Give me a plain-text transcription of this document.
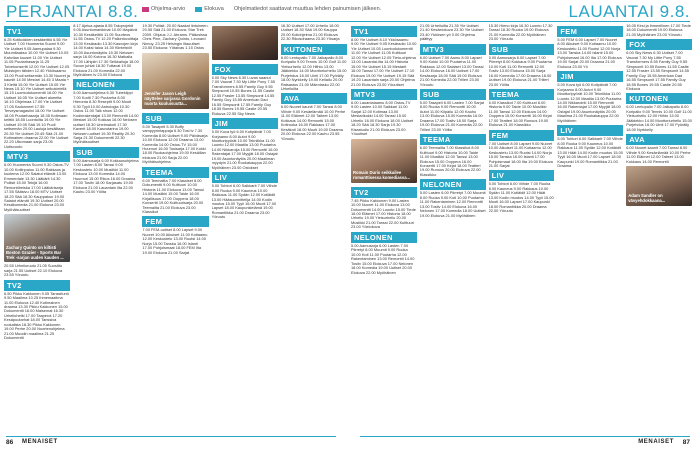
PERJANTAI 8.8. Ohjelma-arvio	Elokuva Ohjelmatiedot saattavat muuttua lehden painumisen jälkeen.	LAUANTAI 9.8.
TV1
6.25 Kotikokkien kesäkeittiö 6.55 Yle Uutiset 7.00 Huomenta Suomi 9.00 Yle Uutiset 9.05 Aamupalaa 9.30 Muumilaakso 10.00 Yle Uutiset 10.05 Kahvilan kuuset 11.00 Yle Uutiset 11.05 Puutarhasarja 11.25 Toivekonsertti 12.00 Yle Uutiset 12.05 Muistojen tähden 12.40 Ykkösaamu 13.00 Puoli seitsemän 13.30 Nuoret ja kauniit 14.00 Mestari 14.45 3 Maata + 3 Kieltä 15.00 Yle Uutiset 15.05 Yle News 15.10 Yle Uutiset selkokielellä 15.15 Luontodokumentti 16.00 Yle Uutiset 16.05 Yle Uutiset alueelta 16.10 Ohjelmaa 17.00 Yle Uutiset 17.05 Kadonneet 17.55 Terveysmagasiini 18.00 Yle Uutiset 18.05 Puutarhasarja 18.35 Kotimaan keittiö 18.55 Luontoilta 19.00 Yle Uutiset 19.05 Sää 19.10 Puoli seitsemän 20.00 Lauluja kesäiltaan 20.30 Yle Uutiset 20.45 Sää 21.00 Kotimainen draama 22.00 Yle Uutiset 22.20 Ulkomaan sarja 23.05 Uutisvuoto
MTV3
6.00 Huomenta Suomi 9.30 Ostos-TV 10.00 Kotiinpaluu 11.00 Rakkaus ja kuolema 12.00 Salatut elämät 13.00 Emmerdale 13.30 Lääkärit 14.30 Poliisit 15.00 Tekijä 16.00 Remonttireiska 17.00 Lääkärisarja 17.55 Sääsivu 18.00 MTV Uutiset 18.20 Sää 18.30 Kauppakuu 19.00 Salatut elämät 19.30 Uutiset 20.00 Kesäkomedia 21.00 Elokuva 23.00 Myöhäisuutiset
Zachary Quinto on kiltisti Boston Grazier - Sports Bar Trek -sarjan uuden kauden ...
20.55 Urheiluruutu 21.05 Suosittu sarja 21.55 Uutiset 22.10 Elokuva 23.55 Yöruutu
TV2
6.50 Pikku Kakkonen 9.05 Tanssitunti 9.50 Maailma 10.25 Ihmemaailma 11.00 Elokuva 12.40 Kotimainen draama 13.30 Pikku Kakkonen 15.00 Dokumentti 16.00 Maisemat 16.30 Urheiluhetki 17.00 Taaperot 17.20 Kesäpuutarhat 18.00 Tanssiva ruokalista 18.30 Pikku Kakkonen 19.00 Perhe 20.00 Nuortenohjelma 21.00 Muodin maailma 21.25 Dokumentti
8.17 Ajelua ajasta 8.55 Taloprojekti 9.05 Asuntomarkkinat 10.00 Iltapäivä 10.30 Kesäkeittiö 11.05 Suurteos 11.55 Ostos-TV 12.20 Palkintovoittaja 13.00 Kesäradio 13.30 Kasvojen kirja 14.00 Kaksi taloa 14.30 Kiinteistöt 15.00 Asuntonäytös 15.30 Nelosen sarja 16.00 Kotona 16.30 Matkalla 17.00 Lähipiiri 17.30 Seikkailuja 18.00 Suvun juhlat 18.30 Tuttavat 19.00 Elokuva 21.00 Komedia 22.00 Myöhäinen tv 23.00 Elokuva
NELONEN
5.00 Aamuohjelma 6.30 Tubeklippi 7.00 Kodit 7.30 Puutarha 8.00 Hieronta 8.30 Reseptit 9.00 Muoti 9.30 Tyyli 10.00 Astrologia 10.30 Ostos 11.00 Talk show 12.00 Kodinrakentajat 13.00 Remontti 14.00 Mestari 15.00 Kokkaa 16.00 Nelosen uutiset 16.30 Unelmakoti 17.30 Kaverit 18.00 Kasvutarina 19.00 Nelosen uutiset 19.30 Reality 20.30 Sarja 21.30 Dokumentti 22.30 Myöhäisuutiset
SUB
5.00 Aamusarja 6.00 Kokkausohjelma 7.00 Lasten 8.00 Tanssi 9.00 Keskustelu 10.00 Musiikki 11.00 Elokuva 13.00 Komedia 14.00 Huumori 15.00 Rikos 16.00 Draama 17.00 Tositv 18.00 Sarjasatu 19.00 Elokuva 21.00 Lauantain ilta 22.00 Kauhu 23.00 Yöilta
19.30 Poliisit. 20.00 Naakat lintuineen. 20.55 Sää 21.00 Elokuva: Star Trek 2009. Ohjaus J.J. Abrams. Pääosissa Chris Pine, Zachary Quinto, Leonard Nimoy. 23.25 Helsingin iltauutiset 23.50 Elokuva: Yötaivas 1.15 Ostos
Jennifer Jason Leigh näyttelee sarjassa Gordonin nuorta kuuluisuutta...
SUB
5.00 Tasapeli 5.30 Buffy vampyyrintappaja 6.30 Tosi tv 7.30 Komedia 8.00 Uutiset 9.00 Päiväsarja 10.00 Elokuva 12.00 Draama 13.00 Komedia 14.00 Ostos-TV 15.00 Huumori 16.00 Tosisarja 17.00 Kokki 18.00 Ruokaohjelma 19.00 Kesäillan elokuva 21.00 Sarja 22.00 Myöhäisohjelma
TEEMA
6.00 Teemailta 7.00 Klassiset 8.00 Dokumentti 9.00 Kulttuuri 10.00 Historia 11.00 Elokuva 13.00 Tanssi 14.00 Musiikki 15.00 Taide 16.00 Kirjallisuus 17.00 Ooppera 18.00 Konsertti 19.00 Kulttuurisarja 20.00 Teemailta 21.00 Elokuva 23.00 Klassikot
FEM
7.00 FEM-uutiset 8.00 Lapset 9.00 Nuoret 10.00 Aikuiset 11.00 Kotiaamu 12.00 Keskustelu 13.00 Ruotsi 14.00 Norja 15.00 Tanska 16.00 Islanti 17.00 Pohjoismaat 18.00 FEM Ilta 19.00 Elokuva 21.00 Sarjat
FOX
6.00 Sky News 6.30 Luvan saanut 7.00 Vauvat 7.30 My Little Pony 7.55 Transformers 8.55 Family Guy 9.55 Simpsonit 10.55 Bones 11.55 Castle 12.55 Frasier 13.55 Simpsonit 14.55 Family Guy 15.55 American Dad 16.55 Simpsonit 17.55 Family Guy 18.55 Bones 19.55 Castle 20.55 Elokuva 22.55 Sky News
JIM
5.00 Kova työ 6.00 Kotipäivät 7.00 Korjaamo 8.00 Autot 9.00 Moottoripyörät 10.00 Tekniikka 11.00 Luonto 12.00 Maatila 13.00 Puutarha 14.00 Nikkaroija 15.00 Remontti 16.00 Rakentajat 17.00 Myyjät 18.00 Ostajat 19.00 Asuntonäytös 20.00 Maailman myydyin 21.00 Ruokakauppa 22.00 Myöhäinen 23.00 Ostokset
LIV
5.00 Tohtori 6.00 Salkkarit 7.00 Viihde 8.00 Ruoka 9.00 Kauneus 10.00 Rakkaus 11.00 Sydän 12.00 Kotiäidit 13.00 Hääsuunnittelija 14.00 Kodin muutos 15.00 Tyyli 16.00 Muoti 17.00 Lapset 18.00 Kaupunkielämä 19.00 Romantiikka 21.00 Draama 23.00 Yöruutu
16.30 Uutiset 17.00 Urheilu 18.00 Uutiset 18.30 Sää 19.00 Kauppa 20.00 Kotiohjelma 21.00 Elokuva 22.30 Rikosdraama 23.30 Yösarja
KUTONEN
6.00 Lentopallo 7.00 Jalkapallo 8.00 Koripallo 9.00 Tennis 10.00 Golf 11.00 Yleisurheilu 12.00 Hiihto 13.00 Jääkiekko 14.00 Moottoriurheilu 15.00 Purjehdus 16.00 Uinti 17.00 Pyöräily 18.00 Nyrkkeily 19.00 Keilailu 20.00 Ratsastus 21.00 Mäenlasku 22.00 Urheiluilta
AVA
6.00 Nuoret kaunit 7.00 Tanssi 8.00 Viihde 9.00 Kesäelämää 10.00 Perhe 11.00 Eläimet 12.00 Taiteet 13.00 Kokkaus 14.00 Remontti 15.00 Kotiruoka 16.00 Rakkaus 17.00 Kesäkoti 18.00 Muoti 19.00 Draama 20.00 Elokuva 22.00 Kauhu 23.55 Yöruutu
TV1
8.00 Yle Uutiset 8.10 Ykkösaamu 9.00 Yle Uutiset 9.05 Kesäradio 10.00 Yle Uutiset 10.05 Luontodokumentti 11.00 Yle Uutiset 11.05 Kulttuuri 12.00 Yle Uutiset 12.05 Tieto-ohjelma 13.00 Lauantai-ilta 14.00 Historia 15.00 Yle Uutiset 15.15 Mestarit 16.00 Tanssi 17.00 Yle Uutiset 17.10 Elokuva 19.00 Yle Uutiset 19.15 Sää 19.20 Lauantain sarja 20.00 Ohjelma 21.00 Elokuva 23.00 Yöuutiset
MTV3
6.00 Lauantaiaamu 8.00 Ostos-TV 9.00 Lasten 10.00 Salkkari 11.00 Sarjat 12.00 Kotimaa 13.00 Mestarikokki 14.00 Tanssi 15.00 Urheilu 16.00 Elokuva 18.00 Uutiset 18.20 Sää 18.30 Sarja 19.30 Kisastudio 21.00 Elokuva 23.00 Yöuutiset
Romain Duris seikkailee romanttisessa komediassa...
TV2
7.45 Pikku Kakkonen 9.00 Lasten 10.00 Nuoret 11.00 Elokuva 13.00 Dokumentti 14.00 Luonto 15.00 Tiede 16.00 Eläimet 17.00 Historia 18.00 Urheilu 19.00 Yleisurheilu 20.00 Musiikki 21.00 Tanssi 22.00 Kulttuuri 23.00 Yöelokuva
NELONEN
5.00 Aamusarja 6.00 Lasten 7.00 Piirretyt 8.00 Muumit 9.00 Ruoka 10.00 Koti 11.00 Puutarha 12.00 Rakentaminen 13.00 Remontti 14.00 Tositv 15.00 Elokuva 17.00 Nelonen 18.00 Komedia 19.00 Uutiset 20.00 Elokuva 22.00 Myöhäinen
21.05 Urheiluilta 21.35 Yle Uutiset 21.40 Kesäelokuva 23.30 Yle Uutiset 23.40 Ykkösen yö 0.00 Ohjelma päättyy
MTV3
6.00 Uutiset 7.00 Aamu 8.00 Lapset 9.00 Kokki 10.00 Puutarha 11.00 Rakkaus 12.00 Salaiset 13.00 Tanssi 14.00 Elokuva 16.00 Uutiset 17.00 Kesäsarja 18.00 Sää 19.00 Elokuva 21.00 Komedia 22.00 Trilleri 23.00 Yöruutu
SUB
5.00 Tasapeli 6.00 Lasten 7.00 Sarjat 8.00 Ruoka 9.00 Remontti 10.00 Autot 11.00 Kilpailu 12.00 Kauhu 13.00 Elokuva 15.00 Komedia 16.00 Draama 17.00 Tositv 18.00 Sarja 19.00 Elokuva 21.00 Komedia 22.00 Trilleri 23.00 Yöilta
TEEMA
6.00 Teemailta 7.00 Klassikot 8.00 Kulttuuri 9.00 Historia 10.00 Taide 11.00 Musiikki 12.00 Tanssi 13.00 Elokuva 15.00 Ooppera 16.00 Konsertti 17.00 Kirjat 18.00 Teatteri 19.00 Runous 20.00 Elokuva 22.00 Klassikko
NELONEN
5.00 Lasten 6.00 Piirretyt 7.00 Muumit 8.00 Ruoka 9.00 Koti 10.00 Puutarha 11.00 Rakentaminen 12.00 Remontti 13.00 Tositv 14.00 Elokuva 16.00 Nelonen 17.00 Komedia 18.00 Uutiset 19.00 Elokuva 21.00 Myöhäinen
15.30 Hieno kirja 16.30 Luonto 17.30 Tanssi 18.30 Ruoka 19.00 Elokuva 21.00 Komedia 22.00 Myöhäinen 23.00 Yöruutu
SUB
5.00 Aamusarja 6.00 Lapset 7.00 Piirretyt 8.00 Kokkaus 9.00 Puutarha 10.00 Koti 11.00 Remontti 12.00 Tositv 13.00 Elokuva 15.00 Sarja 16.00 Komedia 17.00 Draama 18.00 Uutiset 19.00 Elokuva 21.00 Trilleri 23.00 Yöilta
TEEMA
6.00 Klassikot 7.00 Kulttuuri 8.00 Historia 9.00 Taide 10.00 Musiikki 11.00 Tanssi 12.00 Elokuva 14.00 Ooppera 15.00 Konsertti 16.00 Kirjat 17.00 Teatteri 18.00 Runous 19.00 Elokuva 21.00 Klassikko
FEM
7.00 Uutiset 8.00 Lapset 9.00 Nuoret 10.00 Aikuiset 11.00 Kotiaamu 12.00 Keskustelu 13.00 Ruotsi 14.00 Norja 15.00 Tanska 16.00 Islanti 17.00 Pohjoismaat 18.00 Ilta 19.00 Elokuva 21.00 Sarjat
LIV
5.00 Tohtori 6.00 Viihde 7.00 Ruoka 8.00 Kauneus 9.00 Rakkaus 10.00 Sydän 11.00 Kotiäidit 12.00 Häät 13.00 Kodin muutos 14.00 Tyyli 15.00 Muoti 16.00 Lapset 17.00 Kaupunki 18.00 Romantiikka 20.00 Draama 22.00 Yöruutu
FEM
5.00 FEM 6.00 Lapset 7.00 Nuoret 8.00 Aikuiset 9.00 Kotiaamu 10.00 Keskustelu 11.00 Ruotsi 12.00 Norja 13.00 Tanska 14.00 Islanti 15.00 Pohjoismaat 16.00 Ilta 17.00 Elokuva 19.00 Sarjat 20.00 Draama 21.00 Elokuva 23.00 Yö
JIM
5.00 Kova työ 6.00 Kotipäivät 7.00 Korjaamo 8.00 Autot 9.00 Moottoripyörät 10.00 Tekniikka 11.00 Luonto 12.00 Maatila 13.00 Puutarha 14.00 Nikkarointi 15.00 Remontti 16.00 Rakentajat 17.00 Myyjät 18.00 Ostajat 19.00 Asuntonäytös 20.00 Maailma 21.00 Ruokakauppa 22.00 Myöhäinen
LIV
5.00 Tohtori 6.00 Salkkarit 7.00 Viihde 8.00 Ruoka 9.00 Kauneus 10.00 Rakkaus 11.00 Sydän 12.00 Kotiäidit 13.00 Häät 14.00 Kodin muutos 15.00 Tyyli 16.00 Muoti 17.00 Lapset 18.00 Kaupunki 19.00 Romantiikka 21.00 Draama
16.05 Kirsi ja ihmeellinen 17.00 Tiede 18.00 Dokumentti 19.00 Elokuva 21.00 Myöhäinen 23.00 Yöruutu
FOX
6.00 Sky News 6.30 Uutiset 7.00 Vauvat 7.30 My Little Pony 7.55 Transformers 8.55 Family Guy 9.55 Simpsonit 10.55 Bones 11.55 Castle 12.55 Frasier 13.55 Simpsonit 14.55 Family Guy 15.55 American Dad 16.55 Simpsonit 17.55 Family Guy 18.55 Bones 19.55 Castle 20.55 Elokuva
KUTONEN
6.00 Lentopallo 7.00 Jalkapallo 8.00 Koripallo 9.00 Tennis 10.00 Golf 11.00 Yleisurheilu 12.00 Hiihto 13.00 Jääkiekko 14.00 Moottoriurheilu 15.00 Purjehdus 16.00 Uinti 17.00 Pyöräily 18.00 Nyrkkeily
AVA
6.00 Nuoret kaunit 7.00 Tanssi 8.00 Viihde 9.00 Kesäelämää 10.00 Perhe 11.00 Eläimet 12.00 Taiteet 13.00 Kokkaus 14.00 Remontti
Adam Sandler on vävyehdokkaana...
86 MENAISET	MENAISET 87
